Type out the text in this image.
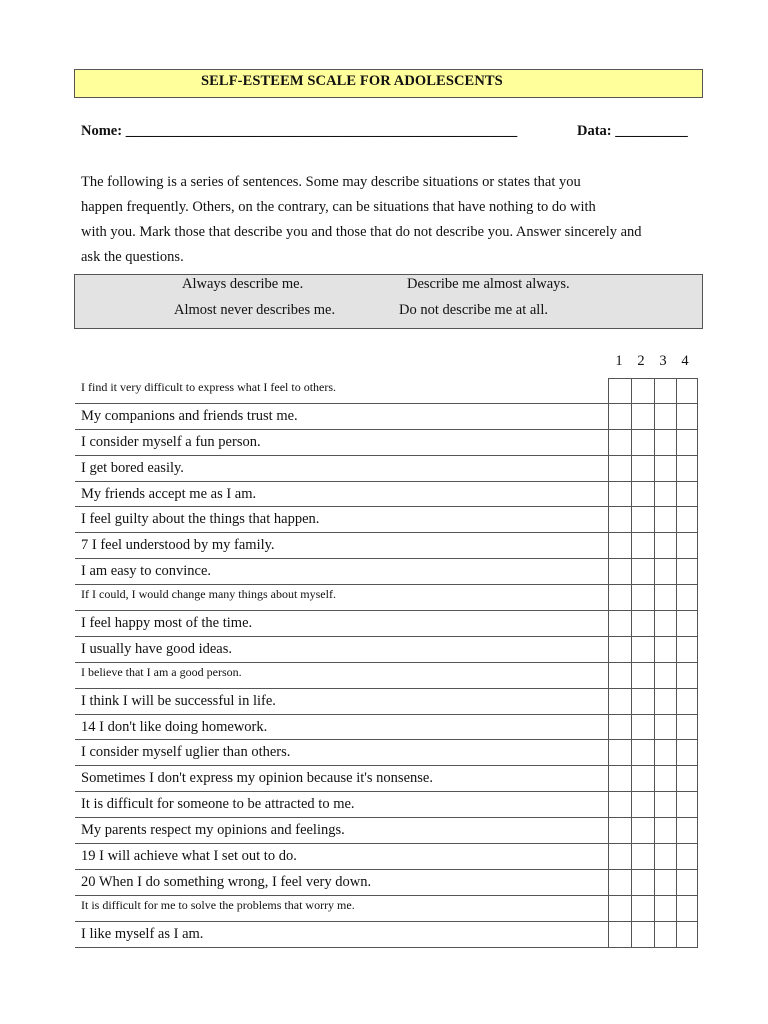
SELF-ESTEEM SCALE FOR ADOLESCENTS
Nome: ______________________________________________________	Data: __________
The following is a series of sentences. Some may describe situations or states that you
happen frequently. Others, on the contrary, can be situations that have nothing to do with
with you. Mark those that describe you and those that do not describe you. Answer sincerely and
ask the questions.
Always describe me.	Describe me almost always.
Almost never describes me.	Do not describe me at all.
1	2	3	4
I find it very difficult to express what I feel to others.
My companions and friends trust me.
I consider myself a fun person.
I get bored easily.
My friends accept me as I am.
I feel guilty about the things that happen.
7 I feel understood by my family.
I am easy to convince.
If I could, I would change many things about myself.
I feel happy most of the time.
I usually have good ideas.
I believe that I am a good person.
I think I will be successful in life.
14 I don't like doing homework.
I consider myself uglier than others.
Sometimes I don't express my opinion because it's nonsense.
It is difficult for someone to be attracted to me.
My parents respect my opinions and feelings.
19 I will achieve what I set out to do.
20 When I do something wrong, I feel very down.
It is difficult for me to solve the problems that worry me.
I like myself as I am.
